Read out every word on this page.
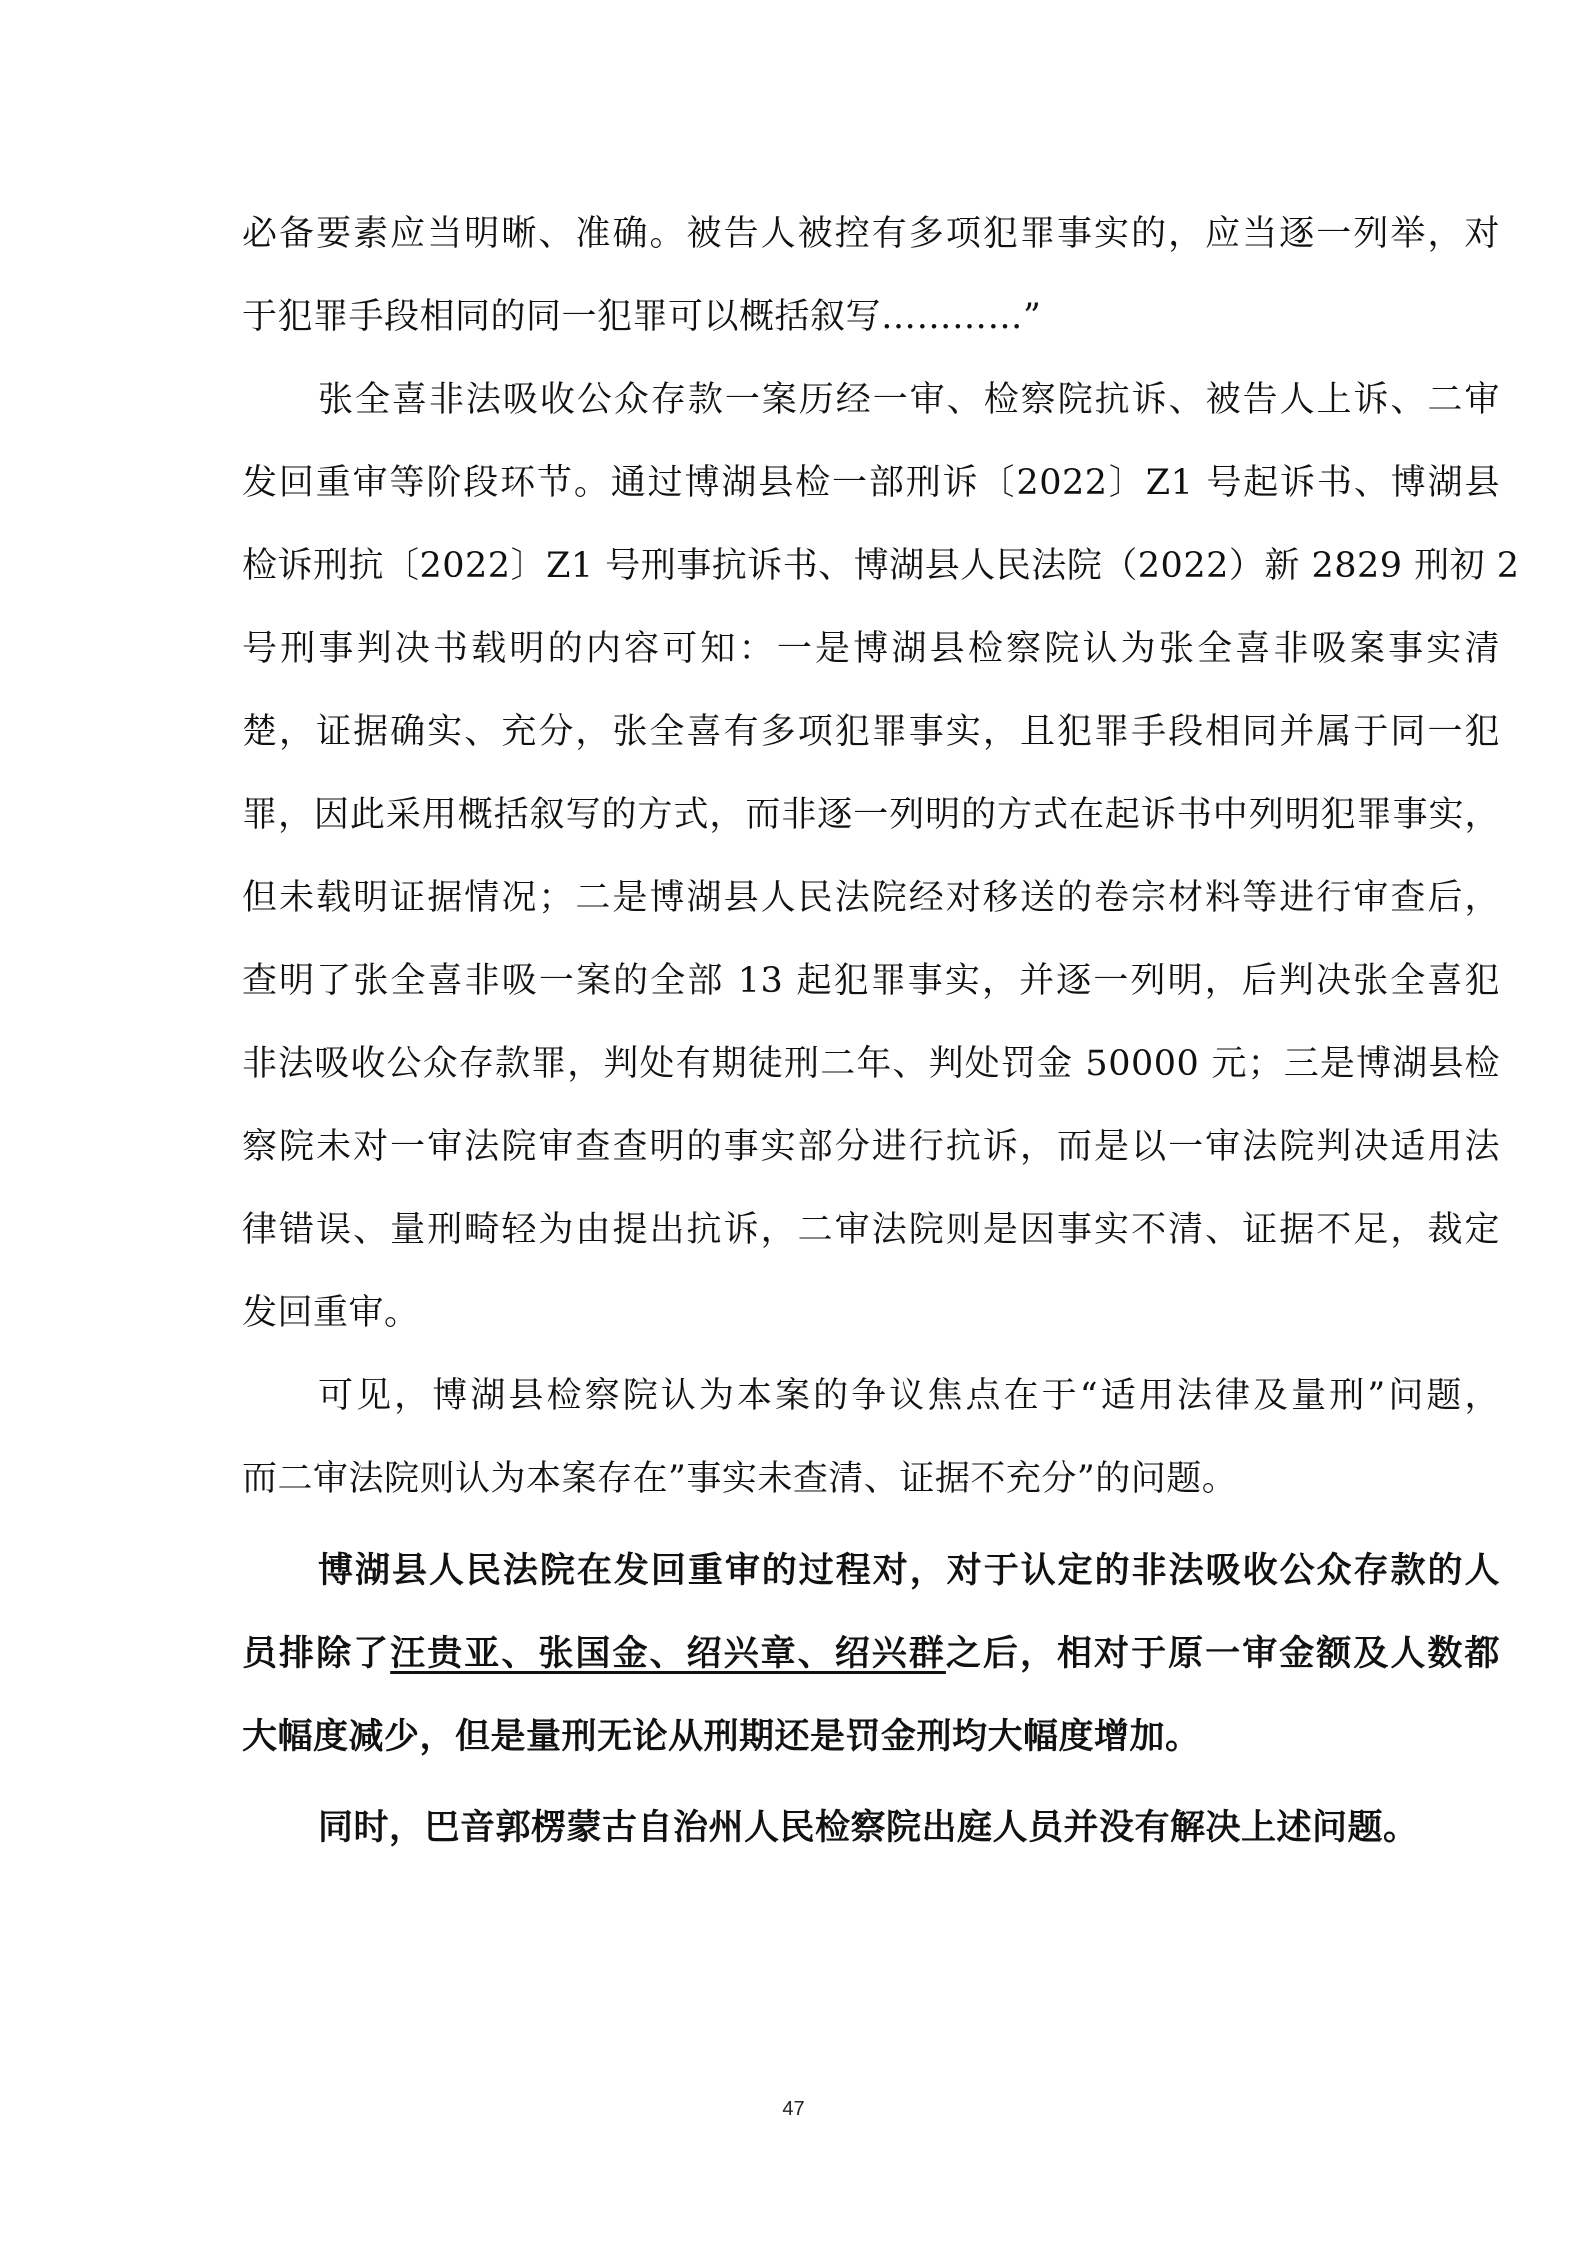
必备要素应当明晰、准确。被告人被控有多项犯罪事实的，应当逐一列举，对
于犯罪手段相同的同一犯罪可以概括叙写…………”
张全喜非法吸收公众存款一案历经一审、检察院抗诉、被告人上诉、二审
发回重审等阶段环节。通过博湖县检一部刑诉〔2022〕Z1 号起诉书、博湖县
检诉刑抗〔2022〕Z1 号刑事抗诉书、博湖县人民法院（2022）新 2829 刑初 2
号刑事判决书载明的内容可知：一是博湖县检察院认为张全喜非吸案事实清
楚，证据确实、充分，张全喜有多项犯罪事实，且犯罪手段相同并属于同一犯
罪，因此采用概括叙写的方式，而非逐一列明的方式在起诉书中列明犯罪事实，
但未载明证据情况；二是博湖县人民法院经对移送的卷宗材料等进行审查后，
查明了张全喜非吸一案的全部 13 起犯罪事实，并逐一列明，后判决张全喜犯
非法吸收公众存款罪，判处有期徒刑二年、判处罚金 50000 元；三是博湖县检
察院未对一审法院审查查明的事实部分进行抗诉，而是以一审法院判决适用法
律错误、量刑畸轻为由提出抗诉，二审法院则是因事实不清、证据不足，裁定
发回重审。
可见，博湖县检察院认为本案的争议焦点在于“适用法律及量刑”问题，
而二审法院则认为本案存在”事实未查清、证据不充分”的问题。
博湖县人民法院在发回重审的过程对，对于认定的非法吸收公众存款的人
员排除了汪贵亚、张国金、绍兴章、绍兴群之后，相对于原一审金额及人数都
大幅度减少，但是量刑无论从刑期还是罚金刑均大幅度增加。
同时，巴音郭楞蒙古自治州人民检察院出庭人员并没有解决上述问题。
47
